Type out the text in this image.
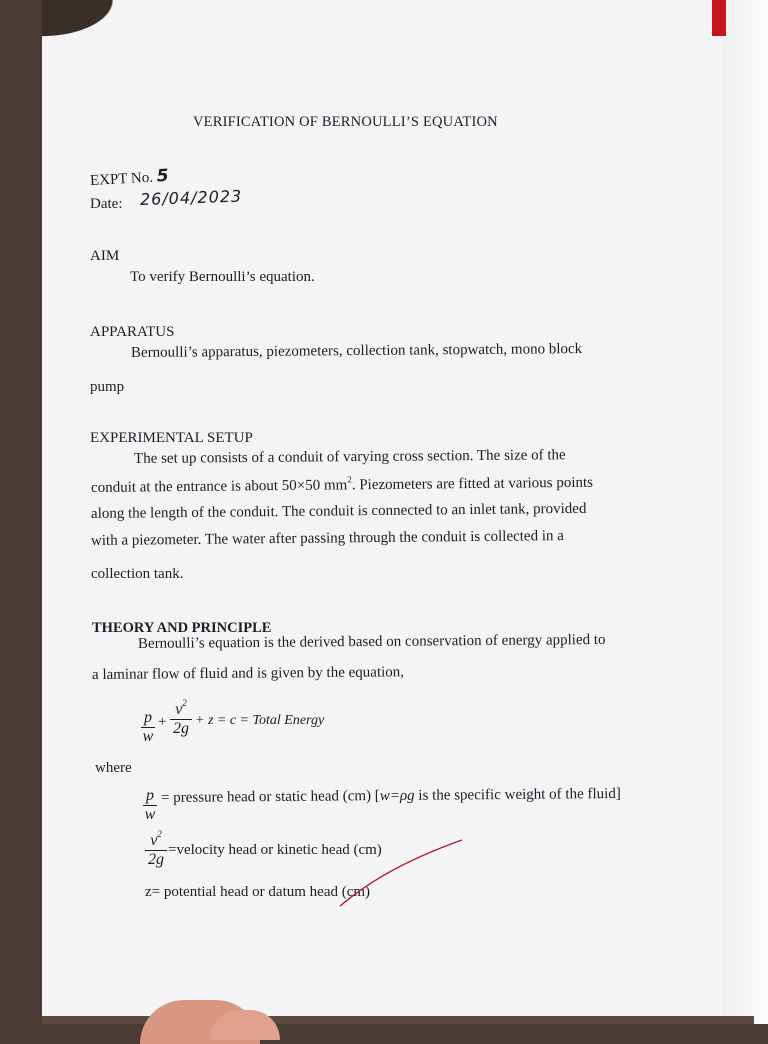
VERIFICATION OF BERNOULLI’S EQUATION
EXPT No. 5
Date: 26/04/2023
AIM
To verify Bernoulli’s equation.
APPARATUS
Bernoulli’s apparatus, piezometers, collection tank, stopwatch, mono block
pump
EXPERIMENTAL SETUP
The set up consists of a conduit of varying cross section. The size of the
conduit at the entrance is about 50×50 $mm^2$. Piezometers are fitted at various points
along the length of the conduit. The conduit is connected to an inlet tank, provided
with a piezometer. The water after passing through the conduit is collected in a
collection tank.
THEORY AND PRINCIPLE
Bernoulli’s equation is the derived based on conservation of energy applied to
a laminar flow of fluid and is given by the equation,
p
w
+
$v^2$
2g + z = c = Total Energy
where
p
w
= pressure head or static head (cm) [w=ρg is the specific weight of the fluid]
$v^2$
2g
=velocity head or kinetic head (cm)
z= potential head or datum head (cm)
